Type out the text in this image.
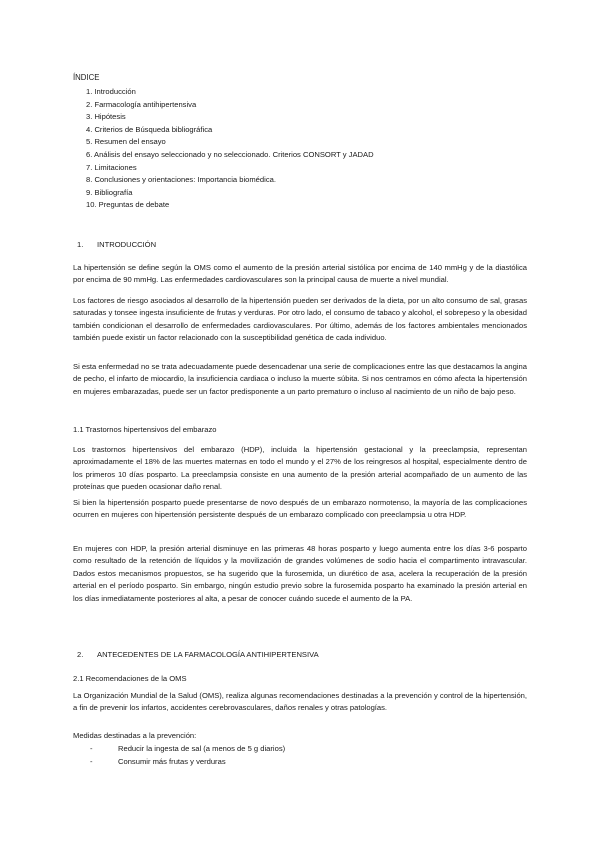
ÍNDICE
1. Introducción
2. Farmacología antihipertensiva
3. Hipótesis
4. Criterios de Búsqueda bibliográfica
5. Resumen del ensayo
6. Análisis del ensayo seleccionado y no seleccionado. Criterios CONSORT y JADAD
7. Limitaciones
8. Conclusiones y orientaciones: Importancia biomédica.
9. Bibliografía
10. Preguntas de debate
1. INTRODUCCIÓN

La hipertensión se define según la OMS como el aumento de la presión arterial sistólica por encima de 140 mmHg y de la diastólica por encima de 90 mmHg. Las enfermedades cardiovasculares son la principal causa de muerte a nivel mundial.

Los factores de riesgo asociados al desarrollo de la hipertensión pueden ser derivados de la dieta, por un alto consumo de sal, grasas saturadas y tonsee ingesta insuficiente de frutas y verduras. Por otro lado, el consumo de tabaco y alcohol, el sobrepeso y la obesidad también condicionan el desarrollo de enfermedades cardiovasculares. Por último, además de los factores ambientales mencionados también puede existir un factor relacionado con la susceptibilidad genética de cada individuo.

Si esta enfermedad no se trata adecuadamente puede desencadenar una serie de complicaciones entre las que destacamos la angina de pecho, el infarto de miocardio, la insuficiencia cardiaca o incluso la muerte súbita. Si nos centramos en cómo afecta la hipertensión en mujeres embarazadas, puede ser un factor predisponente a un parto prematuro o incluso al nacimiento de un niño de bajo peso.

1.1 Trastornos hipertensivos del embarazo

Los trastornos hipertensivos del embarazo (HDP), incluida la hipertensión gestacional y la preeclampsia, representan aproximadamente el 18% de las muertes maternas en todo el mundo y el 27% de los reingresos al hospital, especialmente dentro de los primeros 10 días posparto. La preeclampsia consiste en una aumento de la presión arterial acompañado de un aumento de las proteínas que pueden ocasionar daño renal.

Si bien la hipertensión posparto puede presentarse de novo después de un embarazo normotenso, la mayoría de las complicaciones ocurren en mujeres con hipertensión persistente después de un embarazo complicado con preeclampsia u otra HDP.

En mujeres con HDP, la presión arterial disminuye en las primeras 48 horas posparto y luego aumenta entre los días 3-6 posparto como resultado de la retención de líquidos y la movilización de grandes volúmenes de sodio hacia el compartimento intravascular. Dados estos mecanismos propuestos, se ha sugerido que la furosemida, un diurético de asa, acelera la recuperación de la presión arterial en el período posparto. Sin embargo, ningún estudio previo sobre la furosemida posparto ha examinado la presión arterial en los días inmediatamente posteriores al alta, a pesar de conocer cuándo sucede el aumento de la PA.

2. ANTECEDENTES DE LA FARMACOLOGÍA ANTIHIPERTENSIVA
2.1 Recomendaciones de la OMS

La Organización Mundial de la Salud (OMS), realiza algunas recomendaciones destinadas a la prevención y control de la hipertensión, a fin de prevenir los infartos, accidentes cerebrovasculares, daños renales y otras patologías.

Medidas destinadas a la prevención:
- Reducir la ingesta de sal (a menos de 5 g diarios)
- Consumir más frutas y verduras
